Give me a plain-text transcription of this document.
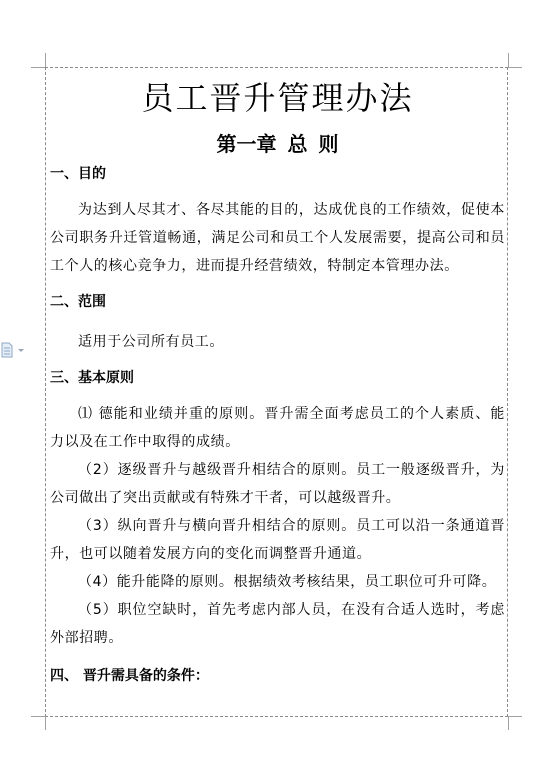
员工晋升管理办法
第一章 总 则
一、目的

为达到人尽其才、各尽其能的目的，达成优良的工作绩效，促使本公司职务升迁管道畅通，满足公司和员工个人发展需要，提高公司和员工个人的核心竞争力，进而提升经营绩效，特制定本管理办法。

二、范围

适用于公司所有员工。

三、基本原则

⑴ 德能和业绩并重的原则。晋升需全面考虑员工的个人素质、能力以及在工作中取得的成绩。

（2）逐级晋升与越级晋升相结合的原则。员工一般逐级晋升，为公司做出了突出贡献或有特殊才干者，可以越级晋升。

（3）纵向晋升与横向晋升相结合的原则。员工可以沿一条通道晋升，也可以随着发展方向的变化而调整晋升通道。

（4）能升能降的原则。根据绩效考核结果，员工职位可升可降。

（5）职位空缺时，首先考虑内部人员，在没有合适人选时，考虑外部招聘。

四、 晋升需具备的条件：
